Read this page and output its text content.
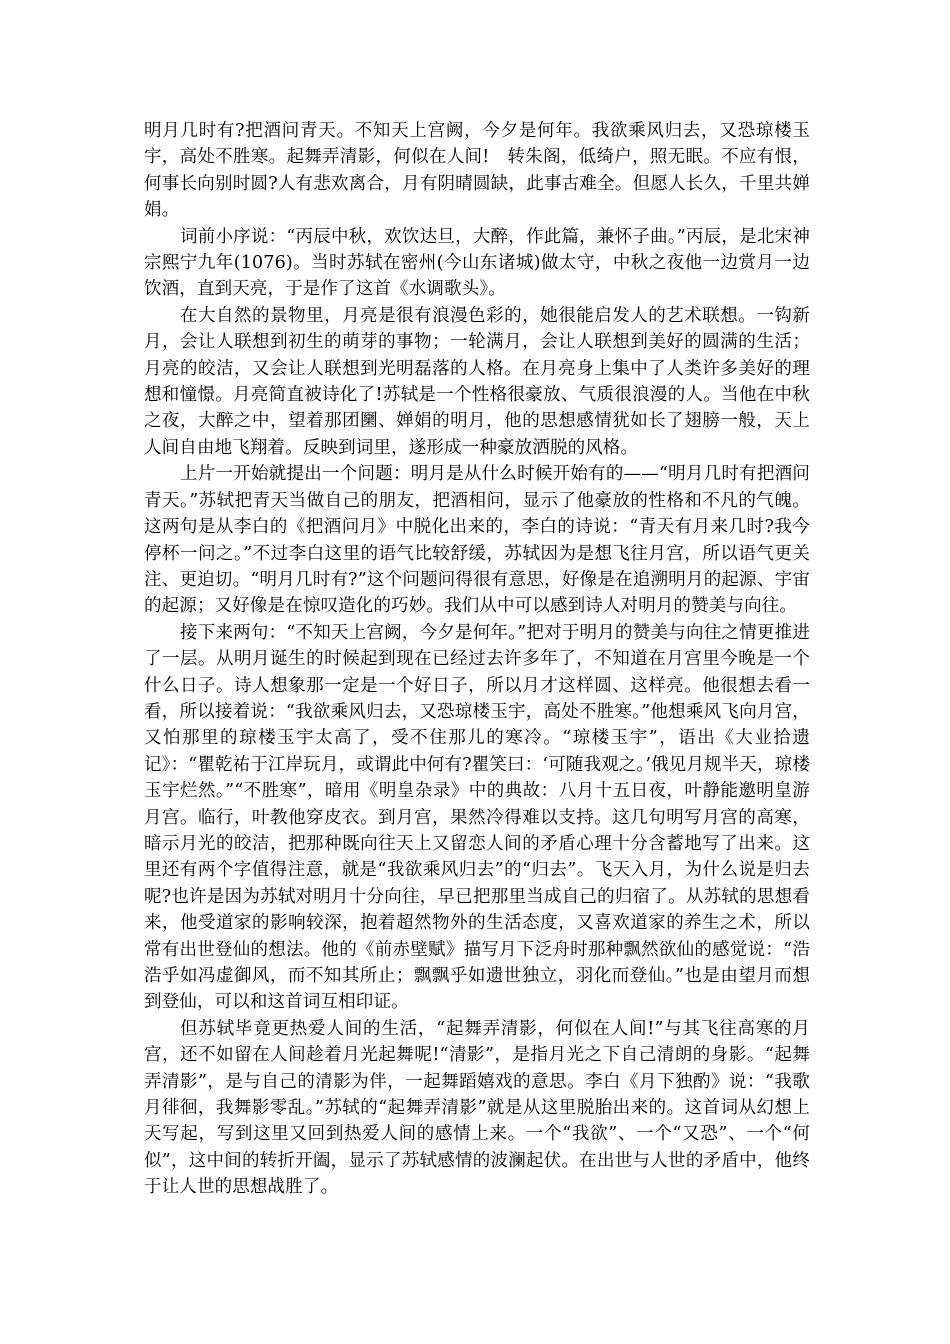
明月几时有?把酒问青天。不知天上宫阙，今夕是何年。我欲乘风归去，又恐琼楼玉宇，高处不胜寒。起舞弄清影，何似在人间!　转朱阁，低绮户，照无眠。不应有恨，何事长向别时圆?人有悲欢离合，月有阴晴圆缺，此事古难全。但愿人长久，千里共婵娟。

词前小序说：“丙辰中秋，欢饮达旦，大醉，作此篇，兼怀子曲。”丙辰，是北宋神宗熙宁九年(1076)。当时苏轼在密州(今山东诸城)做太守，中秋之夜他一边赏月一边饮酒，直到天亮，于是作了这首《水调歌头》。

在大自然的景物里，月亮是很有浪漫色彩的，她很能启发人的艺术联想。一钩新月，会让人联想到初生的萌芽的事物；一轮满月，会让人联想到美好的圆满的生活；月亮的皎洁，又会让人联想到光明磊落的人格。在月亮身上集中了人类许多美好的理想和憧憬。月亮简直被诗化了!苏轼是一个性格很豪放、气质很浪漫的人。当他在中秋之夜，大醉之中，望着那团圞、婵娟的明月，他的思想感情犹如长了翅膀一般，天上人间自由地飞翔着。反映到词里，遂形成一种豪放洒脱的风格。

上片一开始就提出一个问题：明月是从什么时候开始有的——“明月几时有把酒问青天。”苏轼把青天当做自己的朋友，把酒相问，显示了他豪放的性格和不凡的气魄。这两句是从李白的《把酒问月》中脱化出来的，李白的诗说：“青天有月来几时?我今停杯一问之。”不过李白这里的语气比较舒缓，苏轼因为是想飞往月宫，所以语气更关注、更迫切。“明月几时有?”这个问题问得很有意思，好像是在追溯明月的起源、宇宙的起源；又好像是在惊叹造化的巧妙。我们从中可以感到诗人对明月的赞美与向往。

接下来两句：“不知天上宫阙，今夕是何年。”把对于明月的赞美与向往之情更推进了一层。从明月诞生的时候起到现在已经过去许多年了，不知道在月宫里今晚是一个什么日子。诗人想象那一定是一个好日子，所以月才这样圆、这样亮。他很想去看一看，所以接着说：“我欲乘风归去，又恐琼楼玉宇，高处不胜寒。”他想乘风飞向月宫，又怕那里的琼楼玉宇太高了，受不住那儿的寒冷。“琼楼玉宇”，语出《大业拾遗记》：“瞿乾祐于江岸玩月，或谓此中何有?瞿笑曰：‘可随我观之。’俄见月规半天，琼楼玉宇烂然。”“不胜寒”，暗用《明皇杂录》中的典故：八月十五日夜，叶静能邀明皇游月宫。临行，叶教他穿皮衣。到月宫，果然冷得难以支持。这几句明写月宫的高寒，暗示月光的皎洁，把那种既向往天上又留恋人间的矛盾心理十分含蓄地写了出来。这里还有两个字值得注意，就是“我欲乘风归去”的“归去”。飞天入月，为什么说是归去呢?也许是因为苏轼对明月十分向往，早已把那里当成自己的归宿了。从苏轼的思想看来，他受道家的影响较深，抱着超然物外的生活态度，又喜欢道家的养生之术，所以常有出世登仙的想法。他的《前赤壁赋》描写月下泛舟时那种飘然欲仙的感觉说：“浩浩乎如冯虚御风，而不知其所止；飘飘乎如遗世独立，羽化而登仙。”也是由望月而想到登仙，可以和这首词互相印证。

但苏轼毕竟更热爱人间的生活，“起舞弄清影，何似在人间!”与其飞往高寒的月宫，还不如留在人间趁着月光起舞呢!“清影”，是指月光之下自己清朗的身影。“起舞弄清影”，是与自己的清影为伴，一起舞蹈嬉戏的意思。李白《月下独酌》说：“我歌月徘徊，我舞影零乱。”苏轼的“起舞弄清影”就是从这里脱胎出来的。这首词从幻想上天写起，写到这里又回到热爱人间的感情上来。一个“我欲”、一个“又恐”、一个“何似”，这中间的转折开阖，显示了苏轼感情的波澜起伏。在出世与人世的矛盾中，他终于让人世的思想战胜了。
